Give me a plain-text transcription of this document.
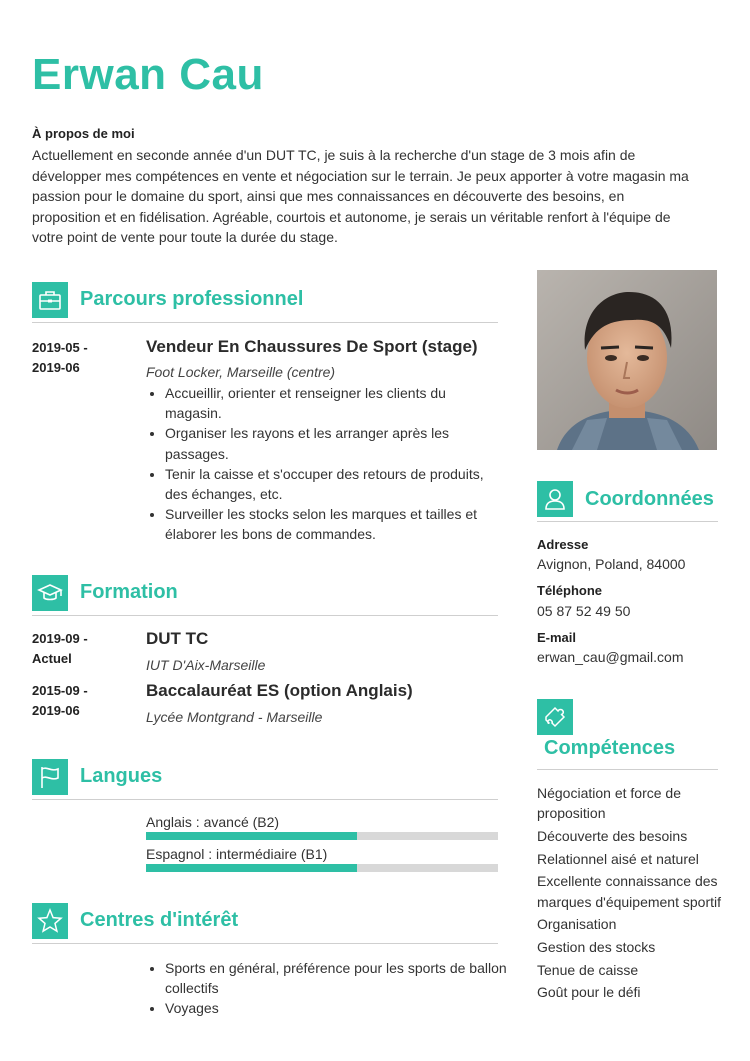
Erwan Cau
À propos de moi
Actuellement en seconde année d'un DUT TC, je suis à la recherche d'un stage de 3 mois afin de développer mes compétences en vente et négociation sur le terrain. Je peux apporter à votre magasin ma passion pour le domaine du sport, ainsi que mes connaissances en découverte des besoins, en proposition et en fidélisation. Agréable, courtois et autonome, je serais un véritable renfort à l'équipe de votre point de vente pour toute la durée du stage.
Parcours professionnel
2019-05 -
2019-06
Vendeur En Chaussures De Sport (stage)
Foot Locker, Marseille (centre)
• Accueillir, orienter et renseigner les clients du magasin.
• Organiser les rayons et les arranger après les passages.
• Tenir la caisse et s'occuper des retours de produits, des échanges, etc.
• Surveiller les stocks selon les marques et tailles et élaborer les bons de commandes.
Formation
2019-09 -
Actuel
DUT TC
IUT D'Aix-Marseille
2015-09 -
2019-06
Baccalauréat ES (option Anglais)
Lycée Montgrand - Marseille
Langues
Anglais : avancé (B2)
Espagnol : intermédiaire (B1)
Centres d'intérêt
• Sports en général, préférence pour les sports de ballon collectifs
• Voyages
Coordonnées
Adresse
Avignon, Poland, 84000
Téléphone
05 87 52 49 50
E-mail
erwan_cau@gmail.com
Compétences
Négociation et force de proposition
Découverte des besoins
Relationnel aisé et naturel
Excellente connaissance des marques d'équipement sportif
Organisation
Gestion des stocks
Tenue de caisse
Goût pour le défi
